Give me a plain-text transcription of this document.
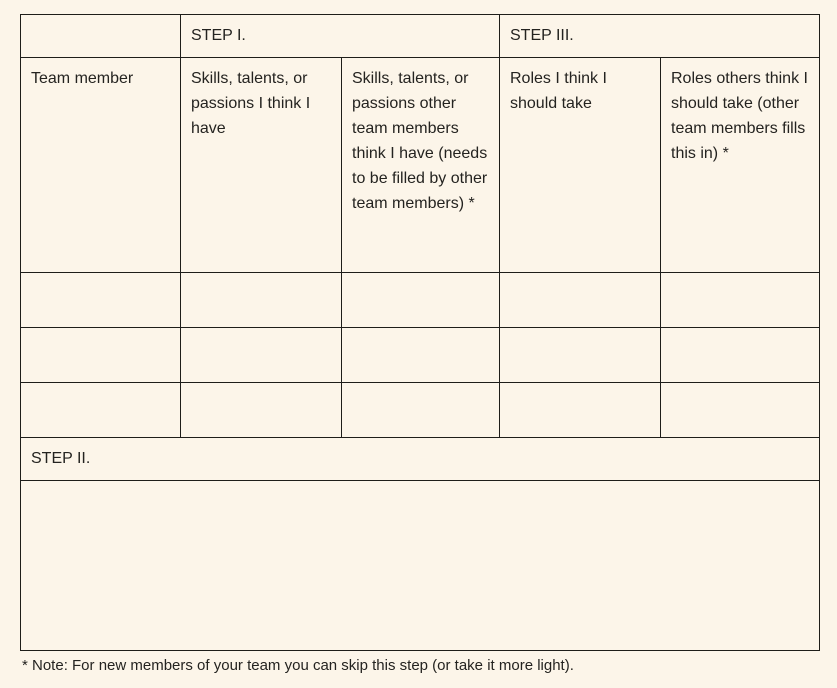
	STEP I.		STEP III.	
Team member	Skills, talents, or passions I think I have	Skills, talents, or passions other team members think I have (needs to be filled by other team members) *	Roles I think I should take	Roles others think I should take (other team members fills this in) *

STEP II.				

* Note: For new members of your team you can skip this step (or take it more light).
